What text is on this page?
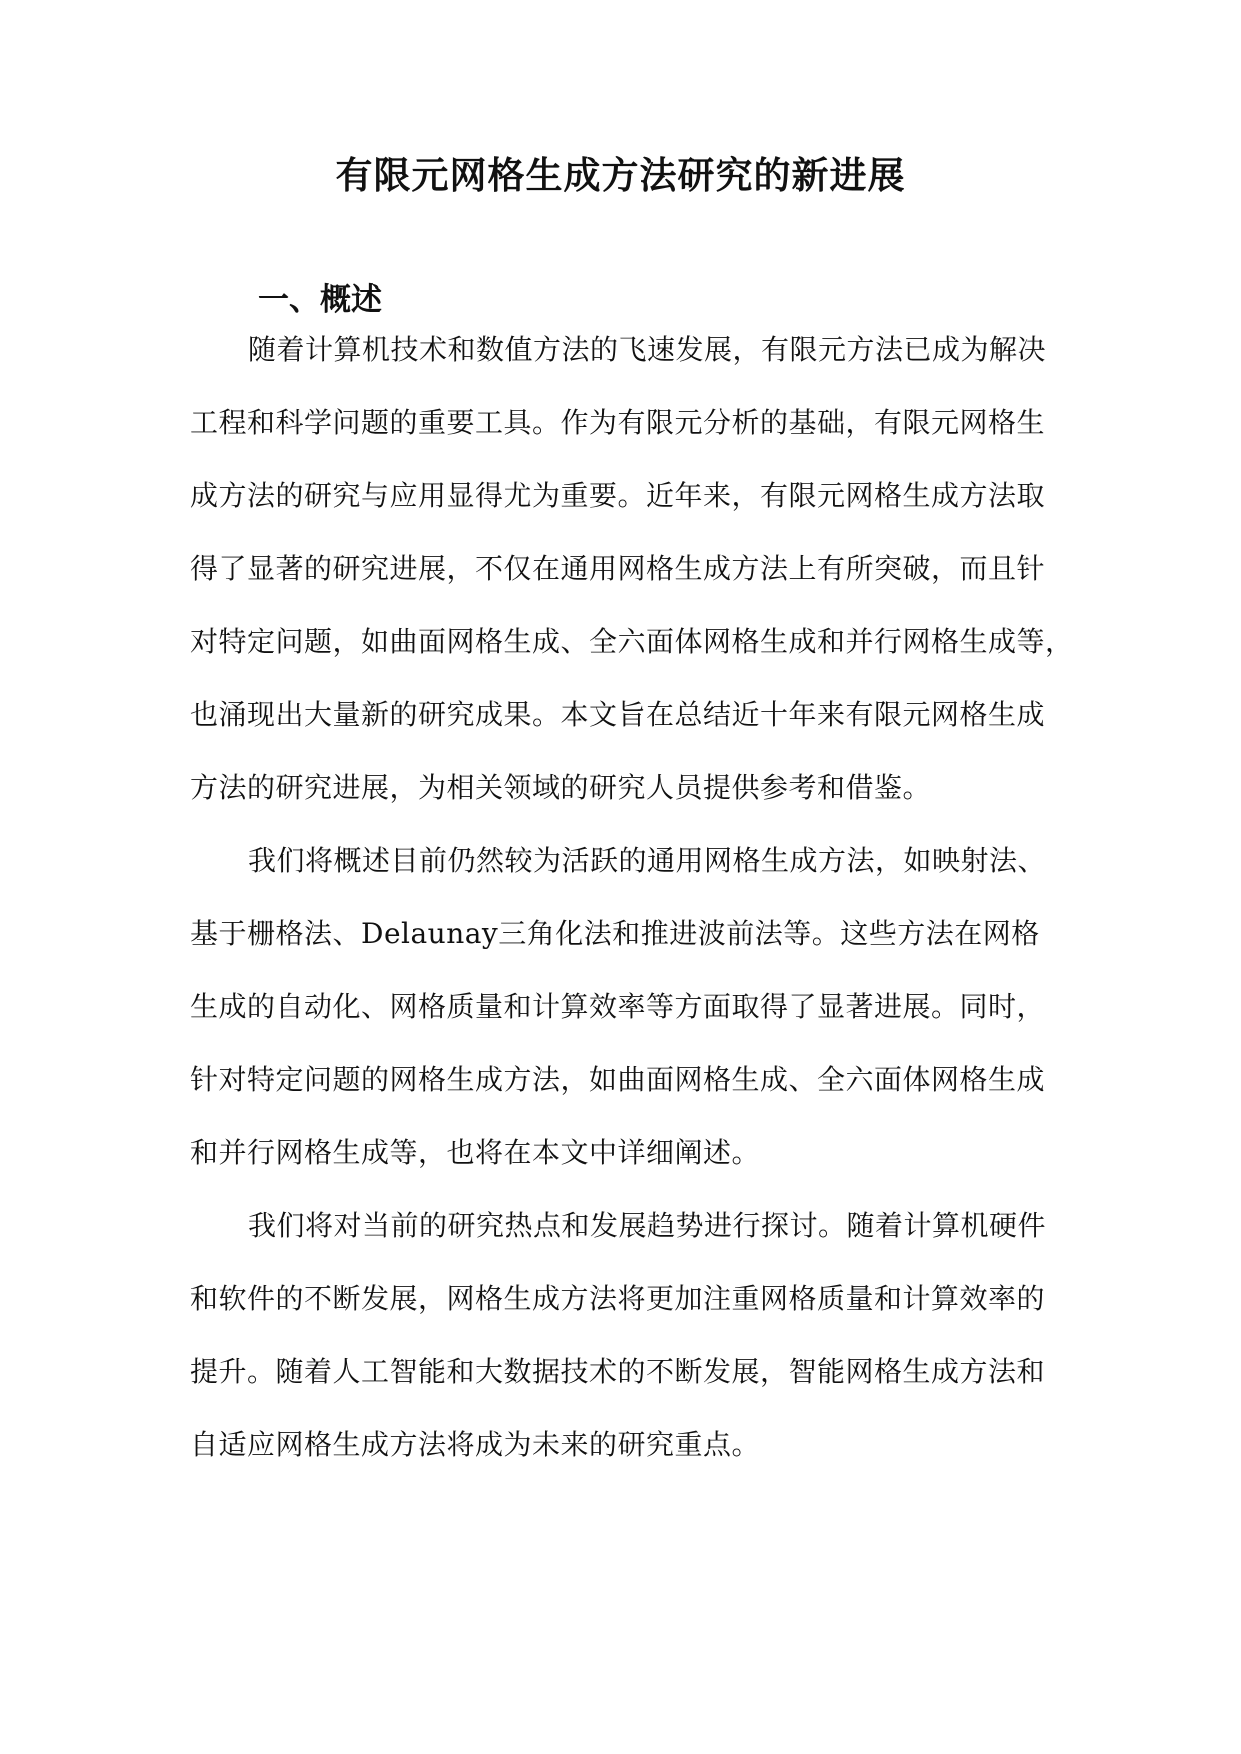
有限元网格生成方法研究的新进展
一、概述
随着计算机技术和数值方法的飞速发展，有限元方法已成为解决
工程和科学问题的重要工具。作为有限元分析的基础，有限元网格生
成方法的研究与应用显得尤为重要。近年来，有限元网格生成方法取
得了显著的研究进展，不仅在通用网格生成方法上有所突破，而且针
对特定问题，如曲面网格生成、全六面体网格生成和并行网格生成等，
也涌现出大量新的研究成果。本文旨在总结近十年来有限元网格生成
方法的研究进展，为相关领域的研究人员提供参考和借鉴。
我们将概述目前仍然较为活跃的通用网格生成方法，如映射法、
基于栅格法、Delaunay三角化法和推进波前法等。这些方法在网格
生成的自动化、网格质量和计算效率等方面取得了显著进展。同时，
针对特定问题的网格生成方法，如曲面网格生成、全六面体网格生成
和并行网格生成等，也将在本文中详细阐述。
我们将对当前的研究热点和发展趋势进行探讨。随着计算机硬件
和软件的不断发展，网格生成方法将更加注重网格质量和计算效率的
提升。随着人工智能和大数据技术的不断发展，智能网格生成方法和
自适应网格生成方法将成为未来的研究重点。
